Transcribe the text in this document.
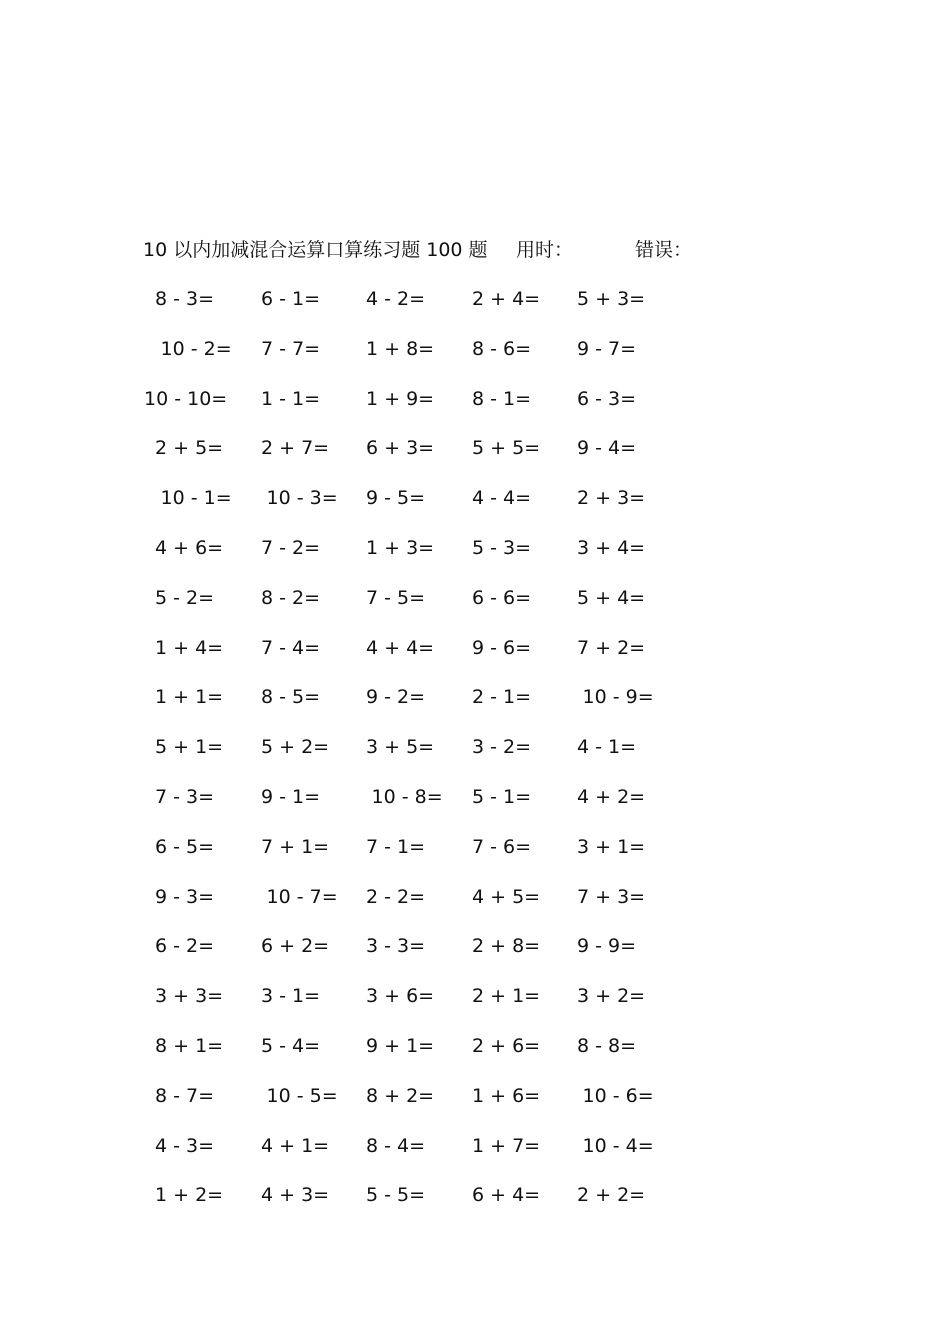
10 以内加减混合运算口算练习题 100 题 用时：	错误：
8 - 3= 6 - 1= 4 - 2= 2 + 4= 5 + 3=
10 - 2= 7 - 7= 1 + 8= 8 - 6= 9 - 7=
10 - 10= 1 - 1= 1 + 9= 8 - 1= 6 - 3=
2 + 5= 2 + 7= 6 + 3= 5 + 5= 9 - 4=
10 - 1= 10 - 3= 9 - 5= 4 - 4= 2 + 3=
4 + 6= 7 - 2= 1 + 3= 5 - 3= 3 + 4=
5 - 2= 8 - 2= 7 - 5= 6 - 6= 5 + 4=
1 + 4= 7 - 4= 4 + 4= 9 - 6= 7 + 2=
1 + 1= 8 - 5= 9 - 2= 2 - 1=	10 - 9=
5 + 1= 5 + 2= 3 + 5= 3 - 2= 4 - 1=
7 - 3= 9 - 1=	10 - 8= 5 - 1= 4 + 2=
6 - 5= 7 + 1= 7 - 1= 7 - 6= 3 + 1=
9 - 3=	10 - 7= 2 - 2= 4 + 5= 7 + 3=
6 - 2= 6 + 2= 3 - 3= 2 + 8= 9 - 9=
3 + 3= 3 - 1= 3 + 6= 2 + 1= 3 + 2=
8 + 1= 5 - 4= 9 + 1= 2 + 6= 8 - 8=
8 - 7=	10 - 5= 8 + 2= 1 + 6= 10 - 6=
4 - 3= 4 + 1= 8 - 4= 1 + 7= 10 - 4=
1 + 2= 4 + 3= 5 - 5= 6 + 4= 2 + 2=
